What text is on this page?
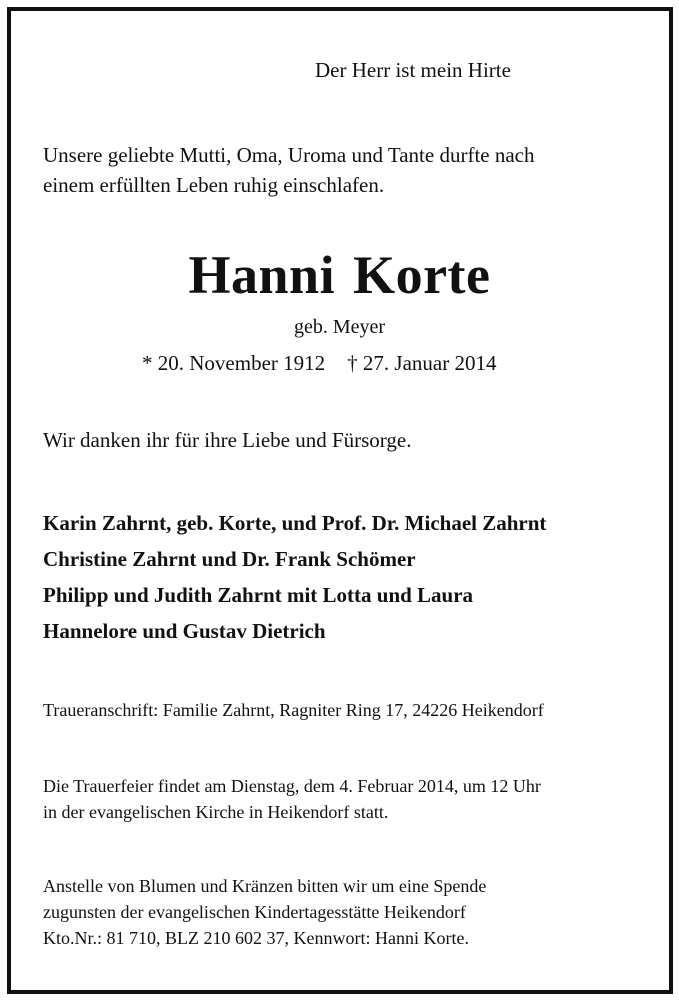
Der Herr ist mein Hirte

Unsere geliebte Mutti, Oma, Uroma und Tante durfte nach
einem erfüllten Leben ruhig einschlafen.

Hanni Korte

geb. Meyer

* 20. November 1912 † 27. Januar 2014

Wir danken ihr für ihre Liebe und Fürsorge.

Karin Zahrnt, geb. Korte, und Prof. Dr. Michael Zahrnt
Christine Zahrnt und Dr. Frank Schömer
Philipp und Judith Zahrnt mit Lotta und Laura
Hannelore und Gustav Dietrich

Traueranschrift: Familie Zahrnt, Ragniter Ring 17, 24226 Heikendorf

Die Trauerfeier findet am Dienstag, dem 4. Februar 2014, um 12 Uhr
in der evangelischen Kirche in Heikendorf statt.

Anstelle von Blumen und Kränzen bitten wir um eine Spende
zugunsten der evangelischen Kindertagesstätte Heikendorf
Kto.Nr.: 81 710, BLZ 210 602 37, Kennwort: Hanni Korte.
